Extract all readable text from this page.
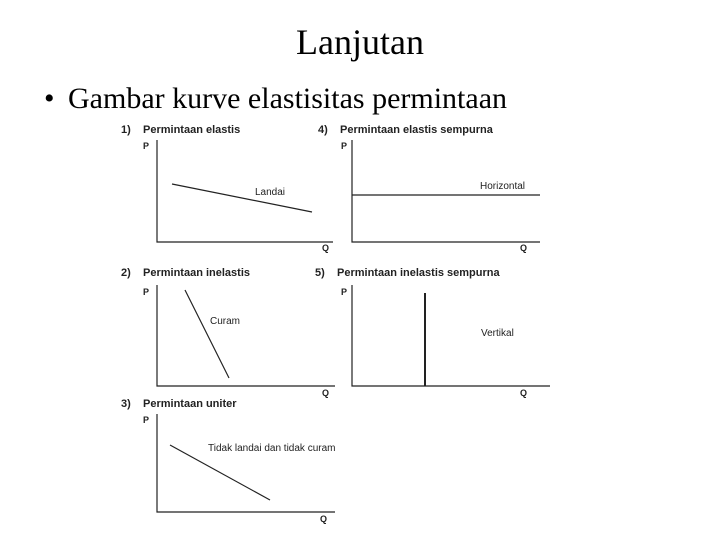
Lanjutan
• Gambar kurve elastisitas permintaan
1) Permintaan elastis
P
Q
Landai
4) Permintaan elastis sempurna
P
Q
Horizontal
2) Permintaan inelastis
P
Q
Curam
5) Permintaan inelastis sempurna
P
Q
Vertikal
3) Permintaan uniter
P
Q
Tidak landai dan tidak curam
